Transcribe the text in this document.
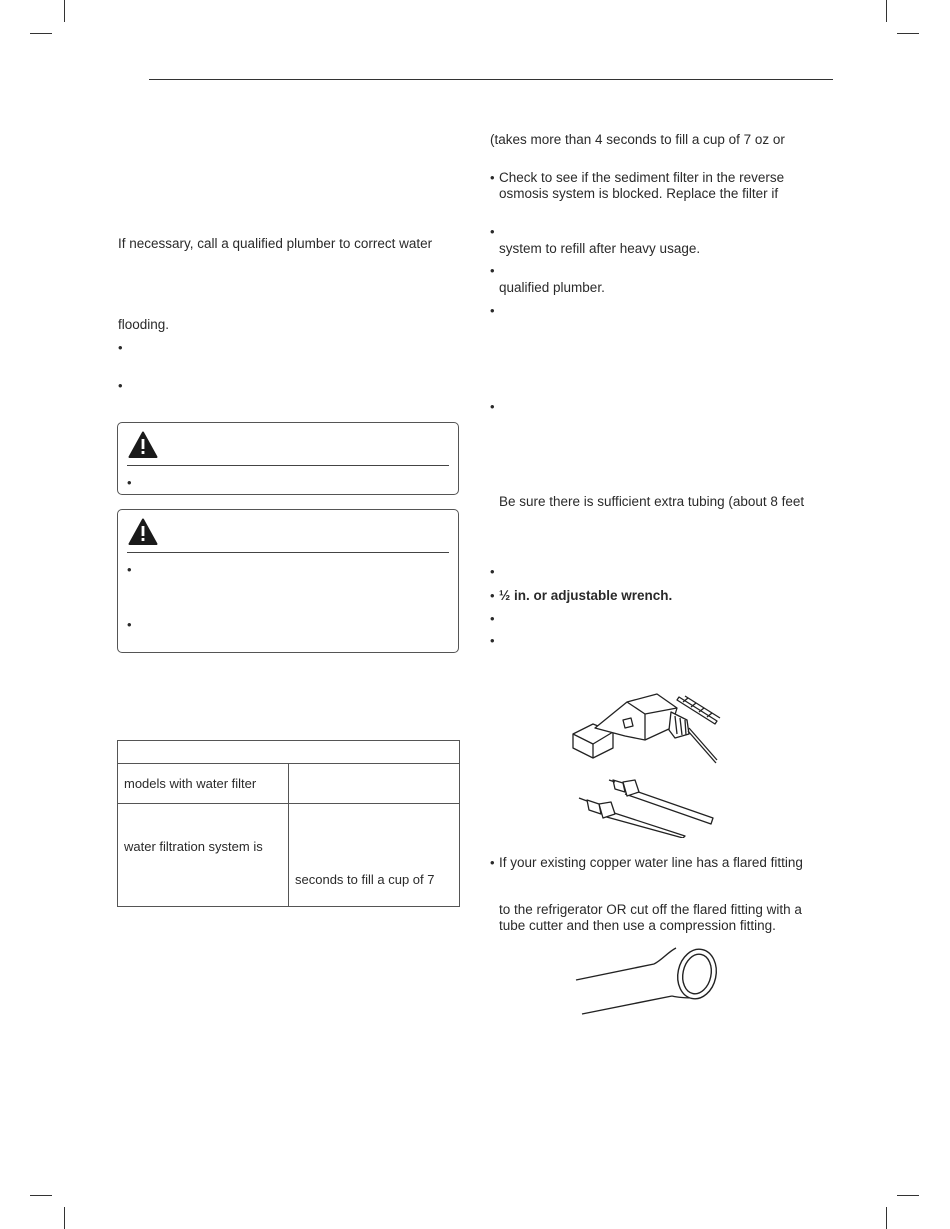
If necessary, call a qualified plumber to correct water
flooding.
•
•
•
•
•
models with water filter
water filtration system is
seconds to fill a cup of 7
(takes more than 4 seconds to fill a cup of 7 oz or
• Check to see if the sediment filter in the reverse
osmosis system is blocked. Replace the filter if
•
system to refill after heavy usage.
•
qualified plumber.
•
•
Be sure there is sufficient extra tubing (about 8 feet
•
• ½ in. or adjustable wrench.
•
•
• If your existing copper water line has a flared fitting
to the refrigerator OR cut off the flared fitting with a
tube cutter and then use a compression fitting.
